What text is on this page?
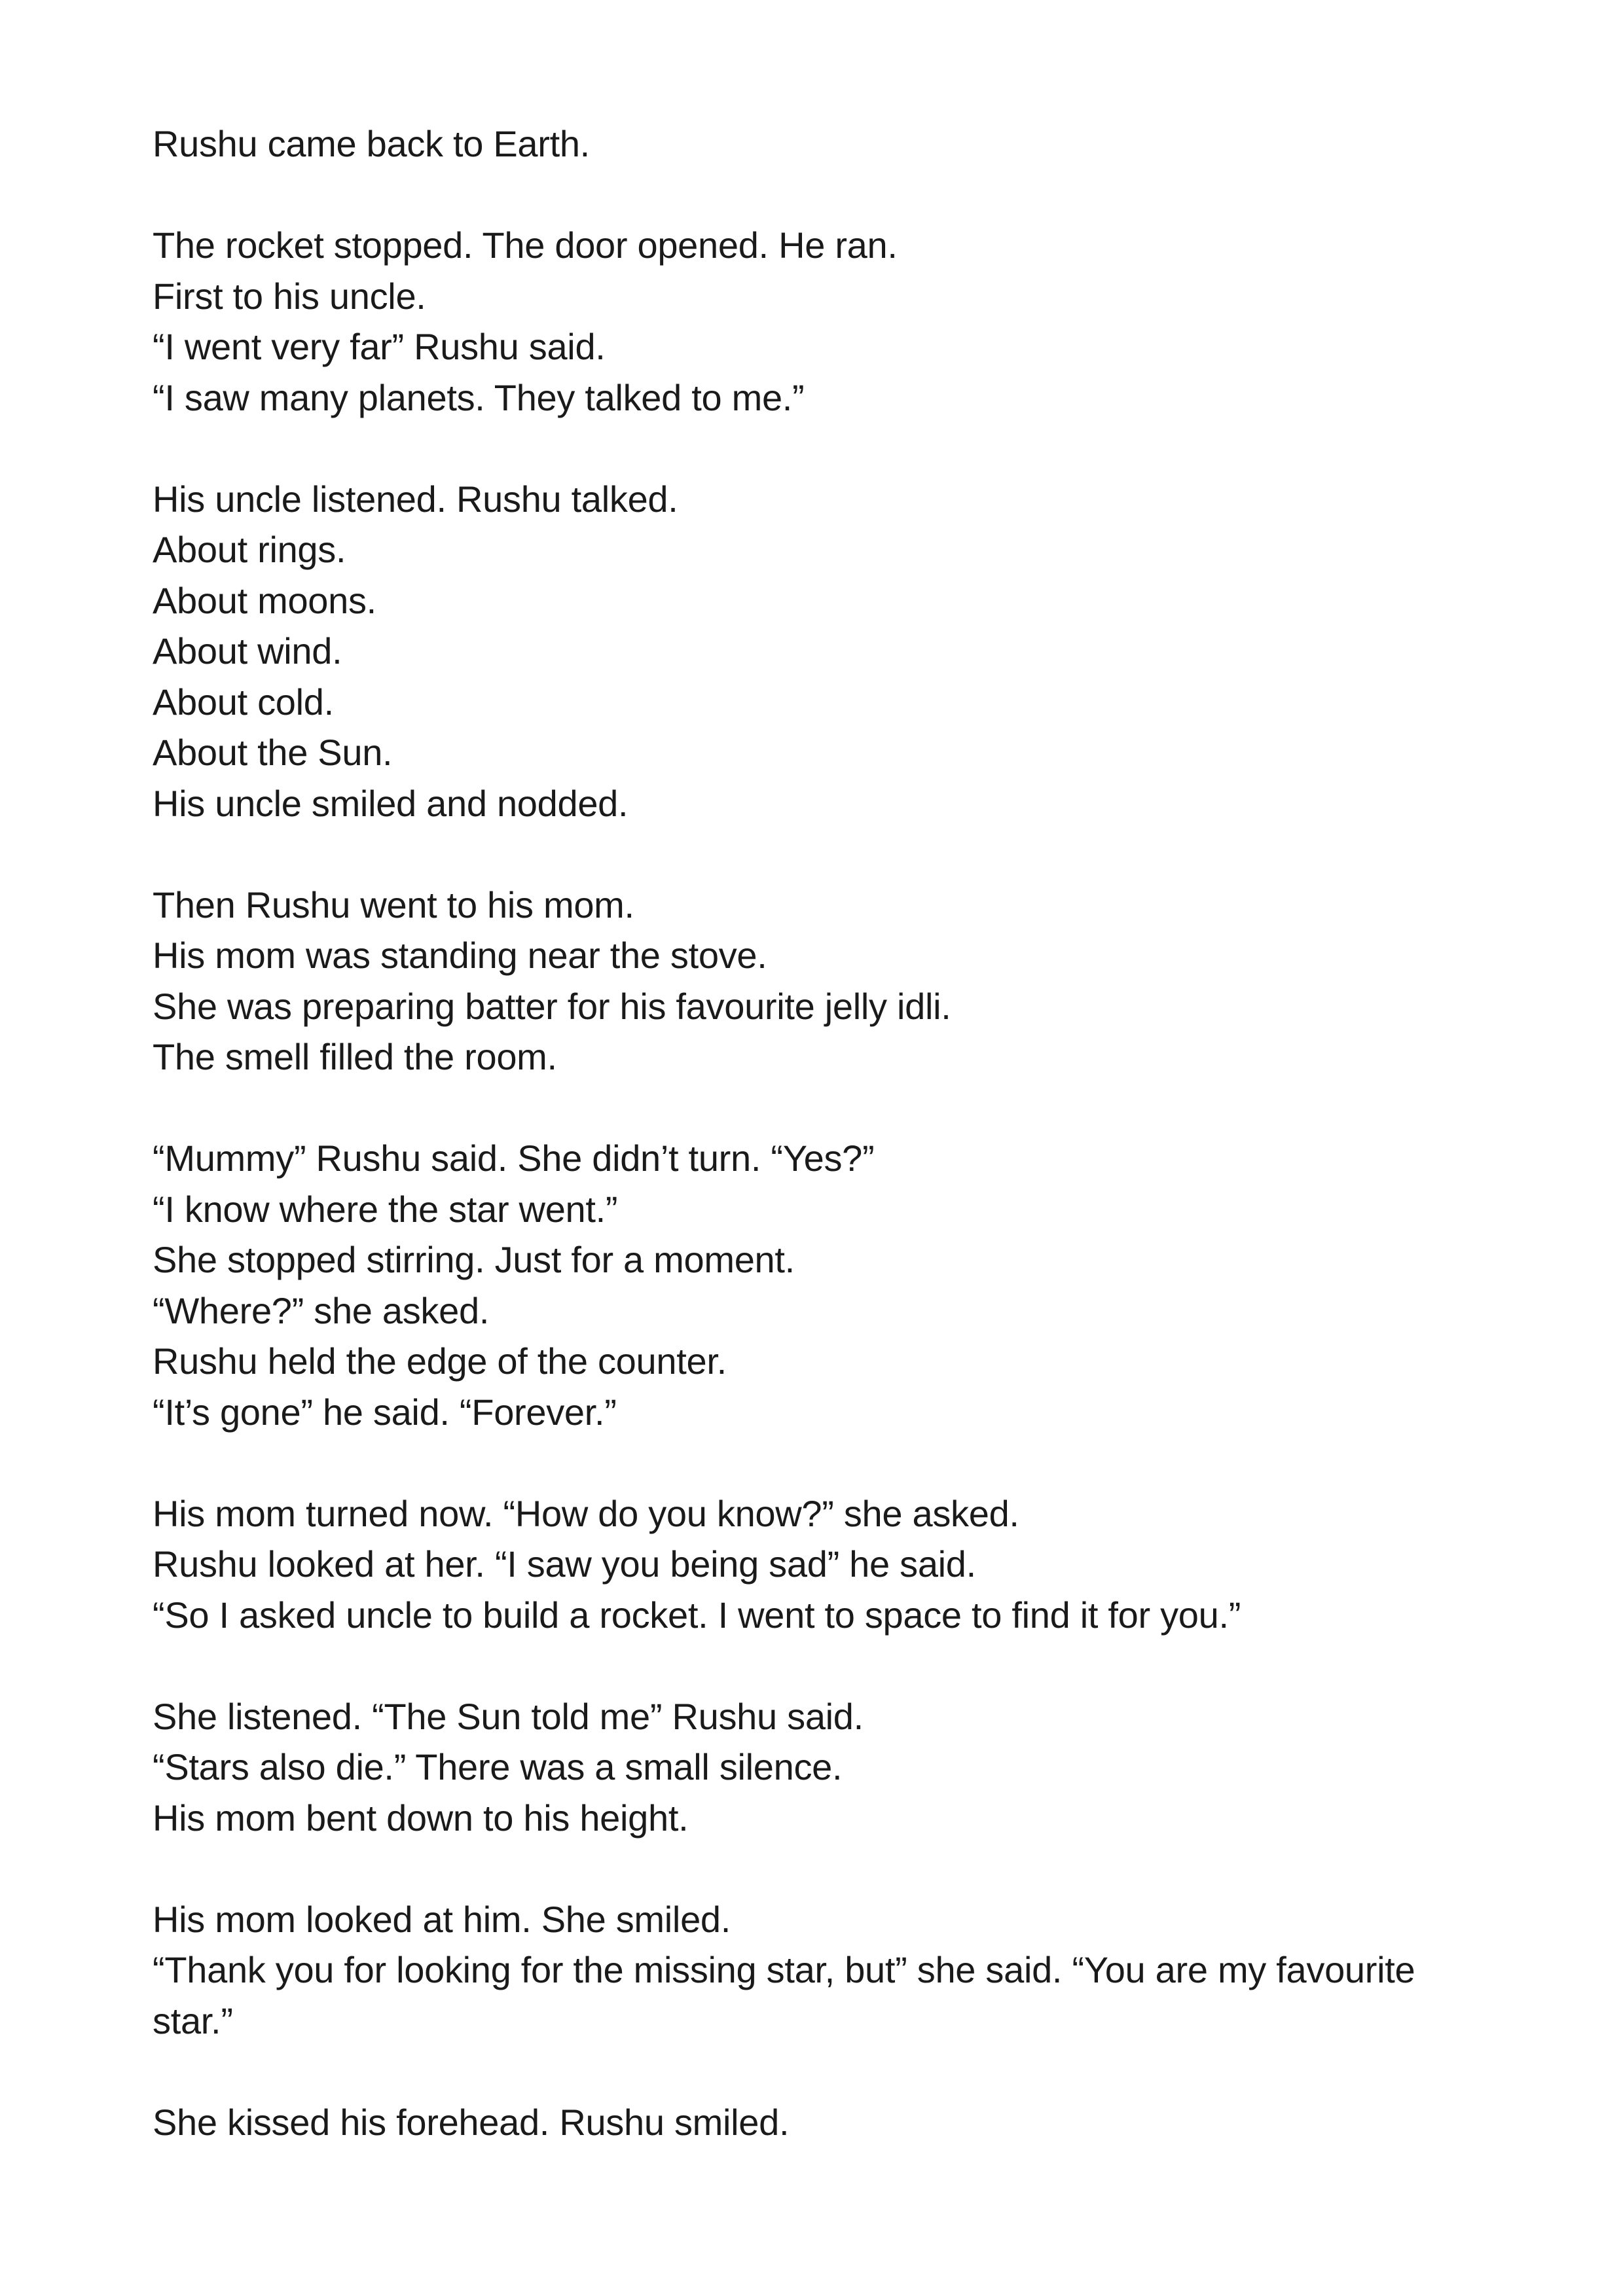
Rushu came back to Earth.
The rocket stopped. The door opened. He ran.
First to his uncle.
“I went very far” Rushu said.
“I saw many planets. They talked to me.”
His uncle listened. Rushu talked.
About rings.
About moons.
About wind.
About cold.
About the Sun.
His uncle smiled and nodded.
Then Rushu went to his mom.
His mom was standing near the stove.
She was preparing batter for his favourite jelly idli.
The smell filled the room.
“Mummy” Rushu said. She didn’t turn. “Yes?”
“I know where the star went.”
She stopped stirring. Just for a moment.
“Where?” she asked.
Rushu held the edge of the counter.
“It’s gone” he said. “Forever.”
His mom turned now. “How do you know?” she asked.
Rushu looked at her. “I saw you being sad” he said.
“So I asked uncle to build a rocket. I went to space to find it for you.”
She listened. “The Sun told me” Rushu said.
“Stars also die.” There was a small silence.
His mom bent down to his height.
His mom looked at him. She smiled.
“Thank you for looking for the missing star, but” she said. “You are my favourite
star.”
She kissed his forehead. Rushu smiled.
